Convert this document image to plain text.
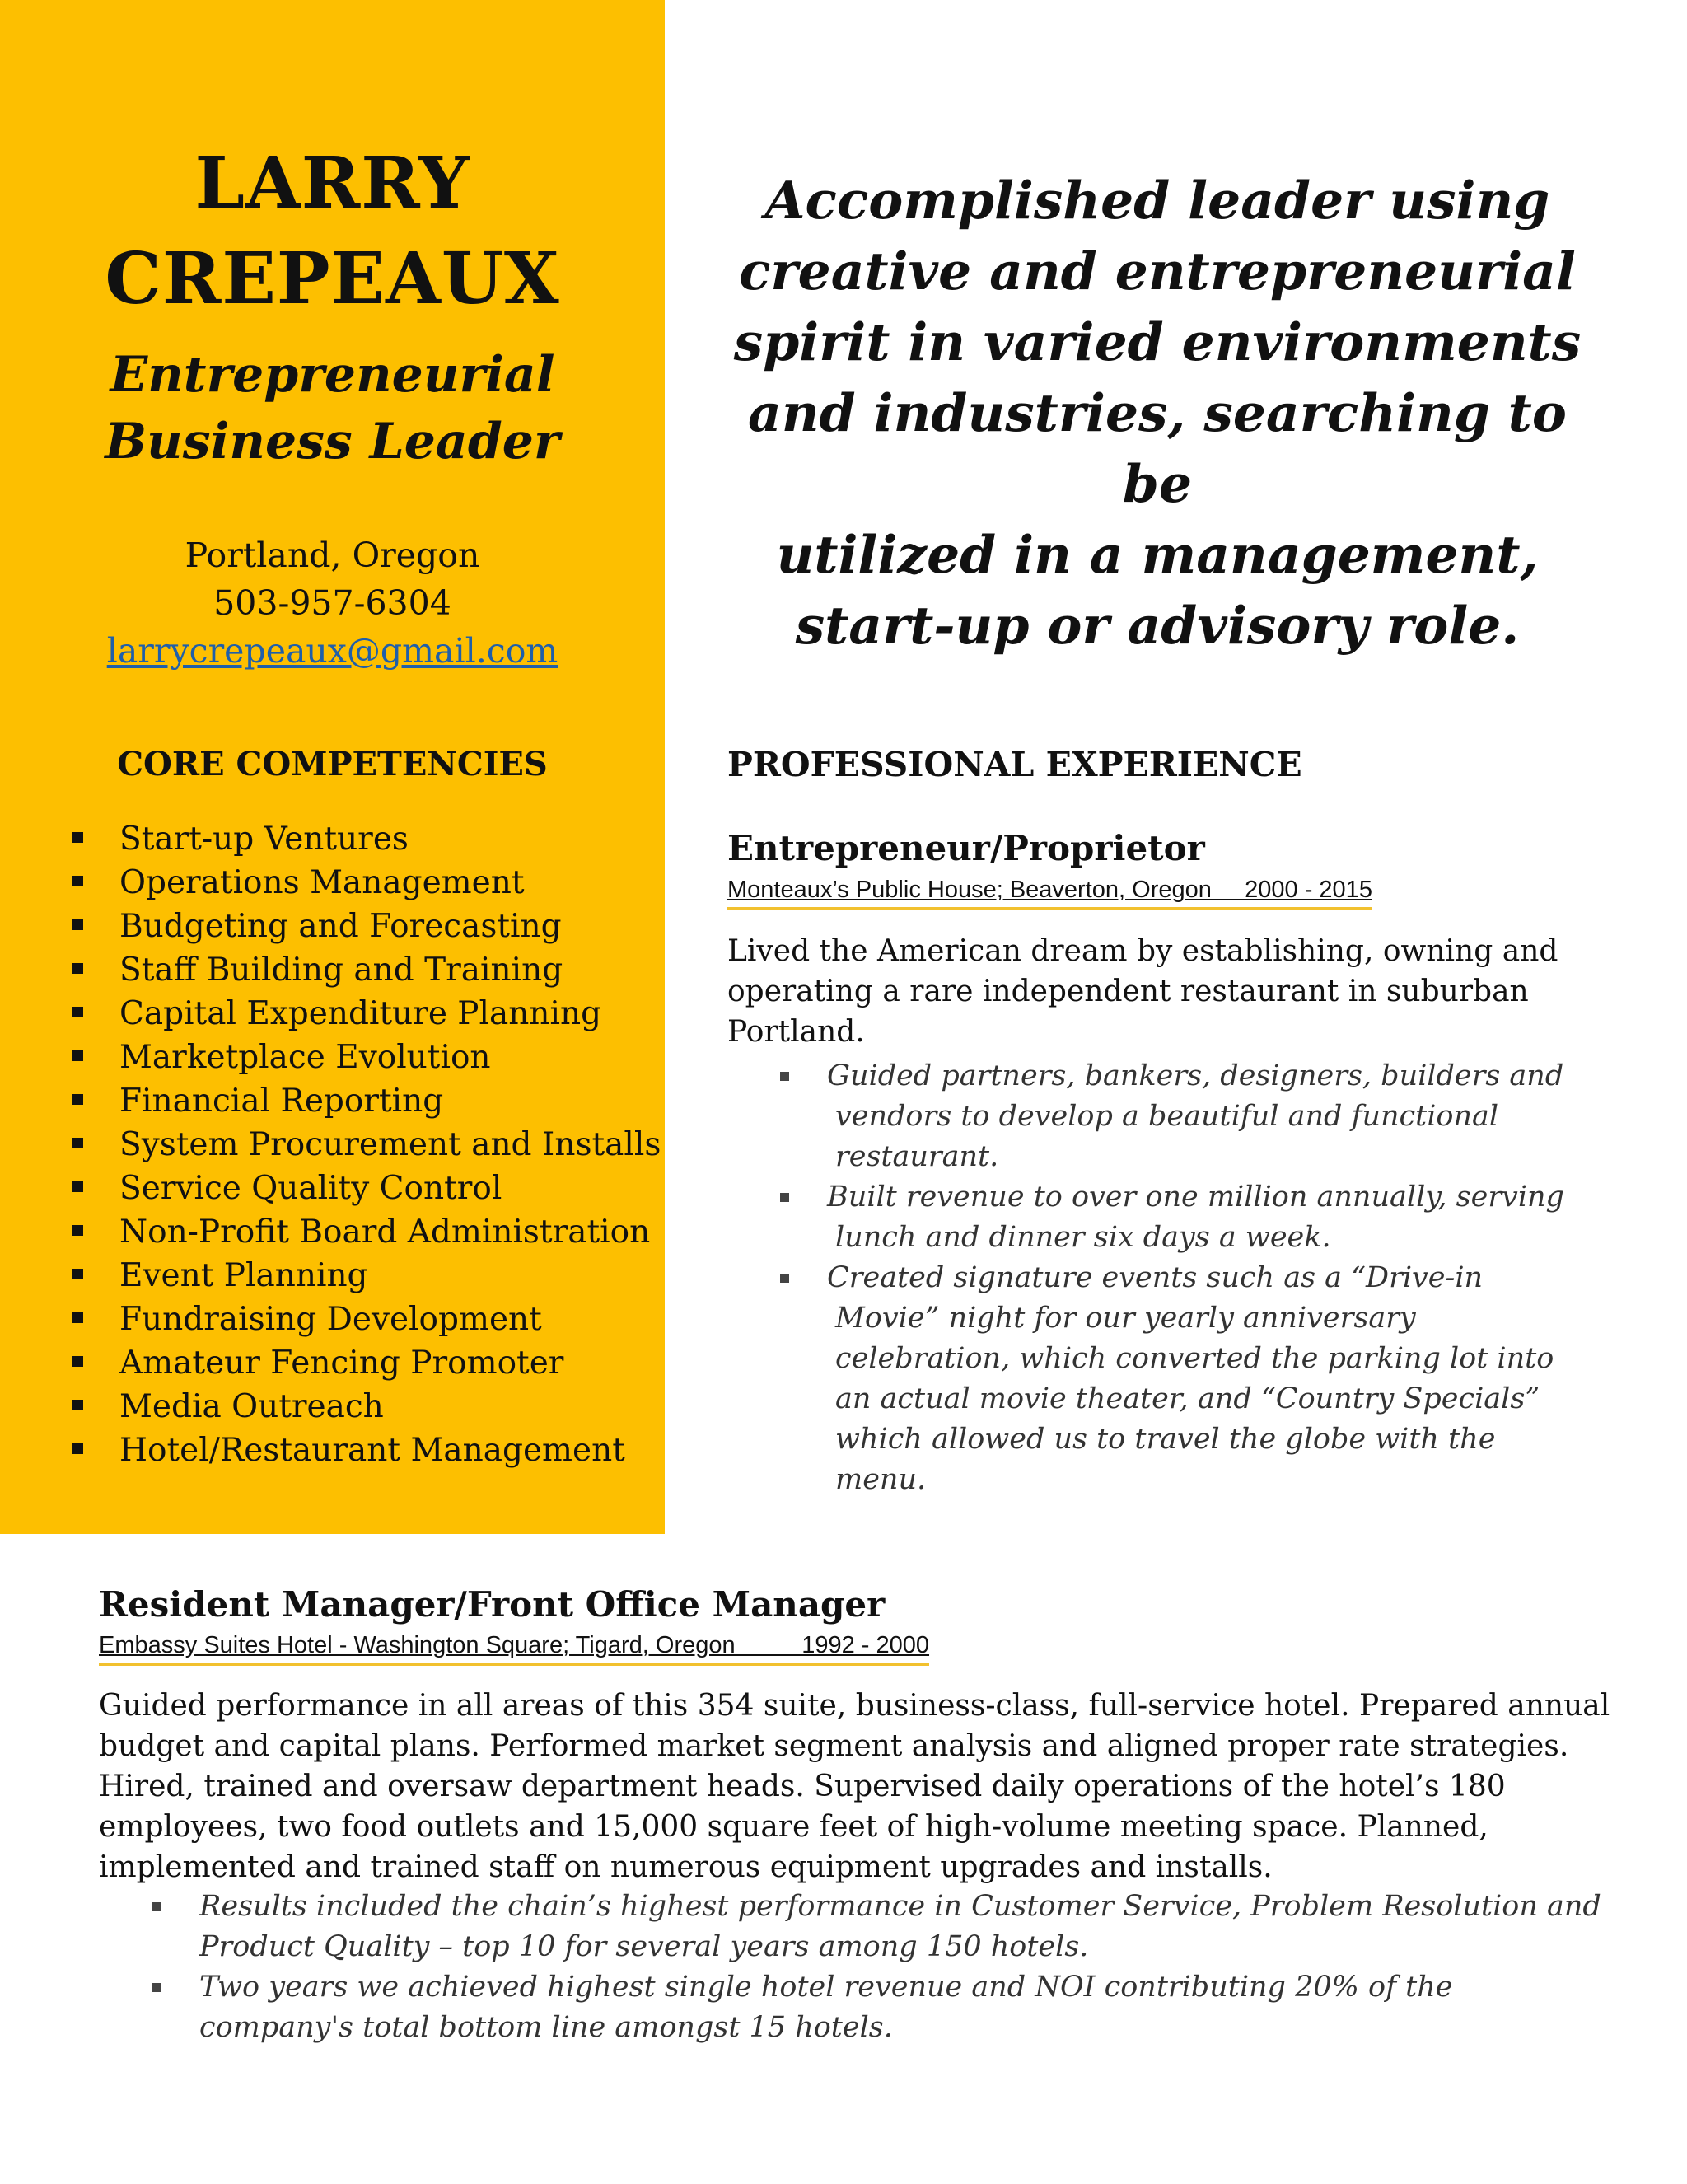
LARRY
CREPEAUX
Entrepreneurial
Business Leader
Portland, Oregon
503-957-6304
larrycrepeaux@gmail.com
CORE COMPETENCIES
Start-up Ventures
Operations Management
Budgeting and Forecasting
Staff Building and Training
Capital Expenditure Planning
Marketplace Evolution
Financial Reporting
System Procurement and Installs
Service Quality Control
Non-Profit Board Administration
Event Planning
Fundraising Development
Amateur Fencing Promoter
Media Outreach
Hotel/Restaurant Management
Accomplished leader using
creative and entrepreneurial
spirit in varied environments
and industries, searching to be
utilized in a management,
start-up or advisory role.
PROFESSIONAL EXPERIENCE
Entrepreneur/Proprietor
Monteaux’s Public House; Beaverton, Oregon     2000 - 2015
Lived the American dream by establishing, owning and
operating a rare independent restaurant in suburban
Portland.
Guided partners, bankers, designers, builders and vendors to develop a beautiful and functional restaurant.
Built revenue to over one million annually, serving lunch and dinner six days a week.
Created signature events such as a “Drive-in Movie” night for our yearly anniversary celebration, which converted the parking lot into an actual movie theater, and “Country Specials” which allowed us to travel the globe with the menu.
Resident Manager/Front Office Manager
Embassy Suites Hotel - Washington Square; Tigard, Oregon          1992 - 2000
Guided performance in all areas of this 354 suite, business-class, full-service hotel. Prepared annual
budget and capital plans. Performed market segment analysis and aligned proper rate strategies.
Hired, trained and oversaw department heads. Supervised daily operations of the hotel’s 180
employees, two food outlets and 15,000 square feet of high-volume meeting space. Planned,
implemented and trained staff on numerous equipment upgrades and installs.
Results included the chain’s highest performance in Customer Service, Problem Resolution and Product Quality – top 10 for several years among 150 hotels.
Two years we achieved highest single hotel revenue and NOI contributing 20% of the company's total bottom line amongst 15 hotels.
